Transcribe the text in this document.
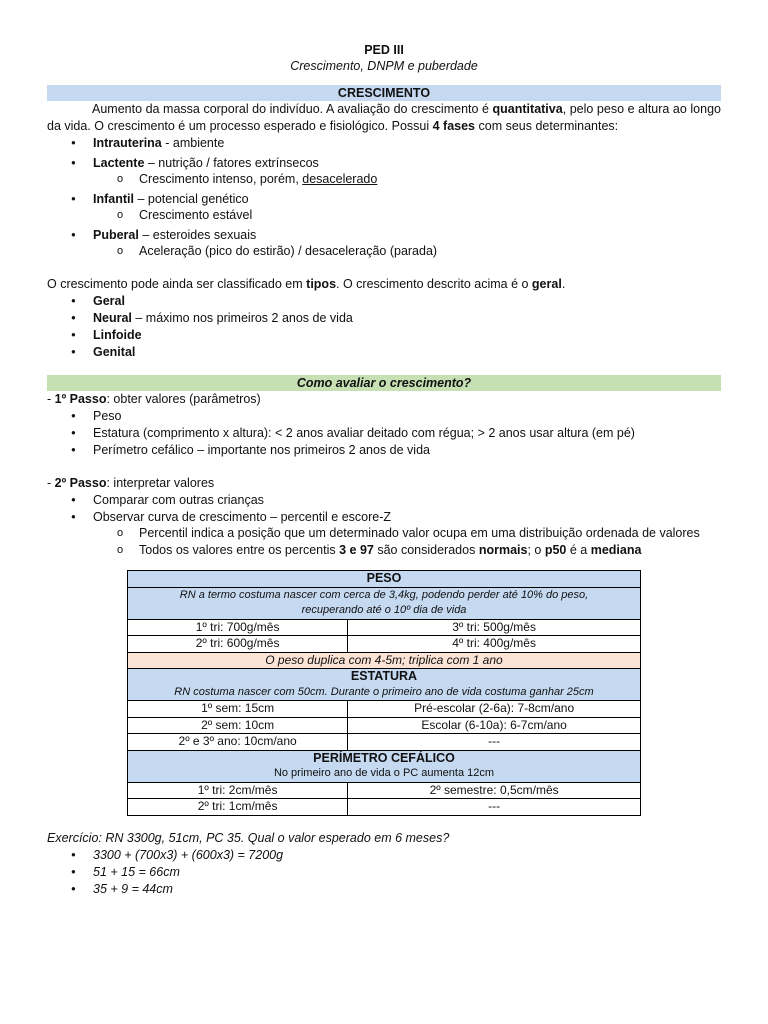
PED III
Crescimento, DNPM e puberdade
CRESCIMENTO

Aumento da massa corporal do indivíduo. A avaliação do crescimento é quantitativa, pelo peso e altura ao longo da vida. O crescimento é um processo esperado e fisiológico. Possui 4 fases com seus determinantes:

● Intrauterina - ambiente
● Lactente – nutrição / fatores extrínsecos
o Crescimento intenso, porém, desacelerado
● Infantil – potencial genético
o Crescimento estável
● Puberal – esteroides sexuais
o Aceleração (pico do estirão) / desaceleração (parada)

O crescimento pode ainda ser classificado em tipos. O crescimento descrito acima é o geral.

● Geral
● Neural – máximo nos primeiros 2 anos de vida
● Linfoide
● Genital
Como avaliar o crescimento?

- 1º Passo: obter valores (parâmetros)

● Peso
● Estatura (comprimento x altura): < 2 anos avaliar deitado com régua; > 2 anos usar altura (em pé)
● Perímetro cefálico – importante nos primeiros 2 anos de vida

- 2º Passo: interpretar valores

● Comparar com outras crianças
● Observar curva de crescimento – percentil e escore-Z
o Percentil indica a posição que um determinado valor ocupa em uma distribuição ordenada de valores
o Todos os valores entre os percentis 3 e 97 são considerados normais; o p50 é a mediana
PESO	
RN a termo costuma nascer com cerca de 3,4kg, podendo perder até 10% do peso,	
recuperando até o 10º dia de vida	
1º tri: 700g/mês	3º tri: 500g/mês
2º tri: 600g/mês	4º tri: 400g/mês
O peso duplica com 4-5m; triplica com 1 ano	
ESTATURA	
RN costuma nascer com 50cm. Durante o primeiro ano de vida costuma ganhar 25cm	
1º sem: 15cm	Pré-escolar (2-6a): 7-8cm/ano
2º sem: 10cm	Escolar (6-10a): 6-7cm/ano
2º e 3º ano: 10cm/ano	---
PERÍMETRO CEFÁLICO	
No primeiro ano de vida o PC aumenta 12cm	
1º tri: 2cm/mês	2º semestre: 0,5cm/mês
2º tri: 1cm/mês	---

Exercício: RN 3300g, 51cm, PC 35. Qual o valor esperado em 6 meses?

● 3300 + (700x3) + (600x3) = 7200g
● 51 + 15 = 66cm
● 35 + 9 = 44cm
